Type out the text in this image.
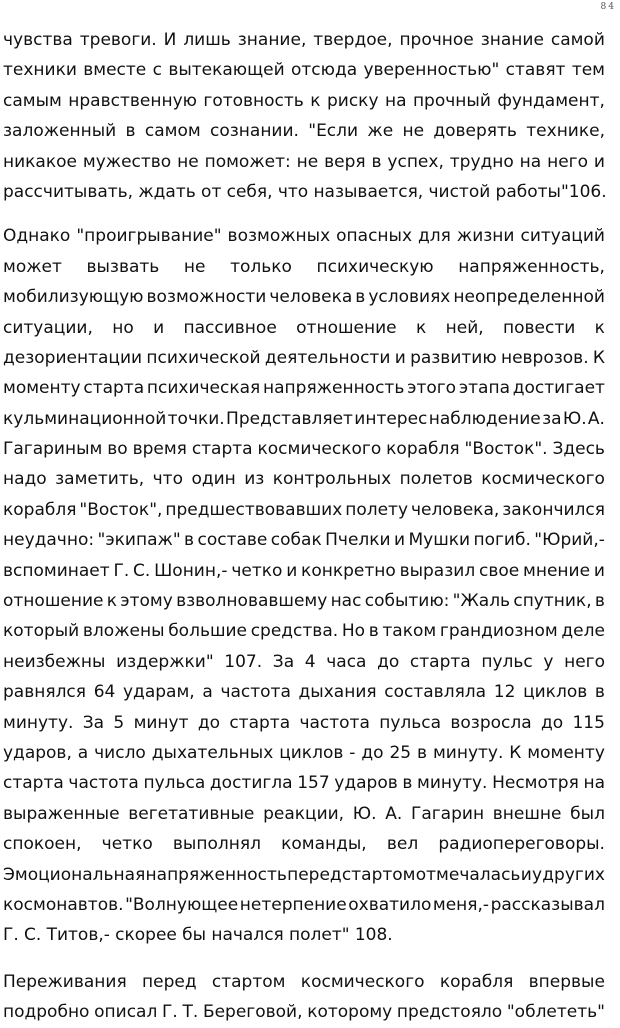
84
чувства тревоги. И лишь знание, твердое, прочное знание самой
техники вместе с вытекающей отсюда уверенностью" ставят тем
самым нравственную готовность к риску на прочный фундамент,
заложенный в самом сознании. "Если же не доверять технике,
никакое мужество не поможет: не веря в успех, трудно на него и
рассчитывать, ждать от себя, что называется, чистой работы"106.
Однако "проигрывание" возможных опасных для жизни ситуаций
может вызвать не только психическую напряженность,
мобилизующую возможности человека в условиях неопределенной
ситуации, но и пассивное отношение к ней, повести к
дезориентации психической деятельности и развитию неврозов. К
моменту старта психическая напряженность этого этапа достигает
кульминационной точки. Представляет интерес наблюдение за Ю. А.
Гагариным во время старта космического корабля "Восток". Здесь
надо заметить, что один из контрольных полетов космического
корабля "Восток", предшествовавших полету человека, закончился
неудачно: "экипаж" в составе собак Пчелки и Мушки погиб. "Юрий,-
вспоминает Г. С. Шонин,- четко и конкретно выразил свое мнение и
отношение к этому взволновавшему нас событию: "Жаль спутник, в
который вложены большие средства. Но в таком грандиозном деле
неизбежны издержки" 107. За 4 часа до старта пульс у него
равнялся 64 ударам, а частота дыхания составляла 12 циклов в
минуту. За 5 минут до старта частота пульса возросла до 115
ударов, а число дыхательных циклов - до 25 в минуту. К моменту
старта частота пульса достигла 157 ударов в минуту. Несмотря на
выраженные вегетативные реакции, Ю. А. Гагарин внешне был
спокоен, четко выполнял команды, вел радиопереговоры.
Эмоциональная напряженность перед стартом отмечалась и у других
космонавтов. "Волнующее нетерпение охватило меня,- рассказывал
Г. С. Титов,- скорее бы начался полет" 108.
Переживания перед стартом космического корабля впервые
подробно описал Г. Т. Береговой, которому предстояло "облететь"
